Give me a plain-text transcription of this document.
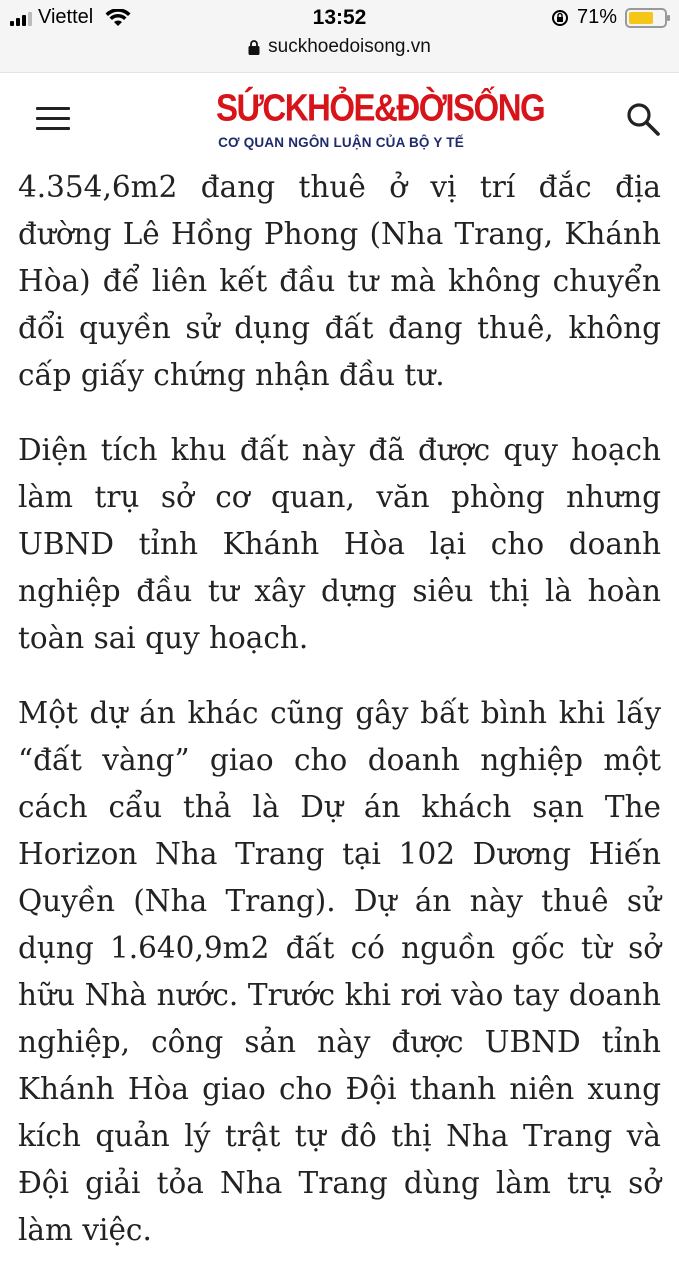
Viettel	13:52	71%
suckhoedoisong.vn
SỨCKHỎE&ĐỜISỐNG
CƠ QUAN NGÔN LUẬN CỦA BỘ Y TẾ

4.354,6m2 đang thuê ở vị trí đắc địa đường Lê Hồng Phong (Nha Trang, Khánh Hòa) để liên kết đầu tư mà không chuyển đổi quyền sử dụng đất đang thuê, không cấp giấy chứng nhận đầu tư.

Diện tích khu đất này đã được quy hoạch làm trụ sở cơ quan, văn phòng nhưng UBND tỉnh Khánh Hòa lại cho doanh nghiệp đầu tư xây dựng siêu thị là hoàn toàn sai quy hoạch.

Một dự án khác cũng gây bất bình khi lấy “đất vàng” giao cho doanh nghiệp một cách cẩu thả là Dự án khách sạn The Horizon Nha Trang tại 102 Dương Hiến Quyền (Nha Trang). Dự án này thuê sử dụng 1.640,9m2 đất có nguồn gốc từ sở hữu Nhà nước. Trước khi rơi vào tay doanh nghiệp, công sản này được UBND tỉnh Khánh Hòa giao cho Đội thanh niên xung kích quản lý trật tự đô thị Nha Trang và Đội giải tỏa Nha Trang dùng làm trụ sở làm việc.
